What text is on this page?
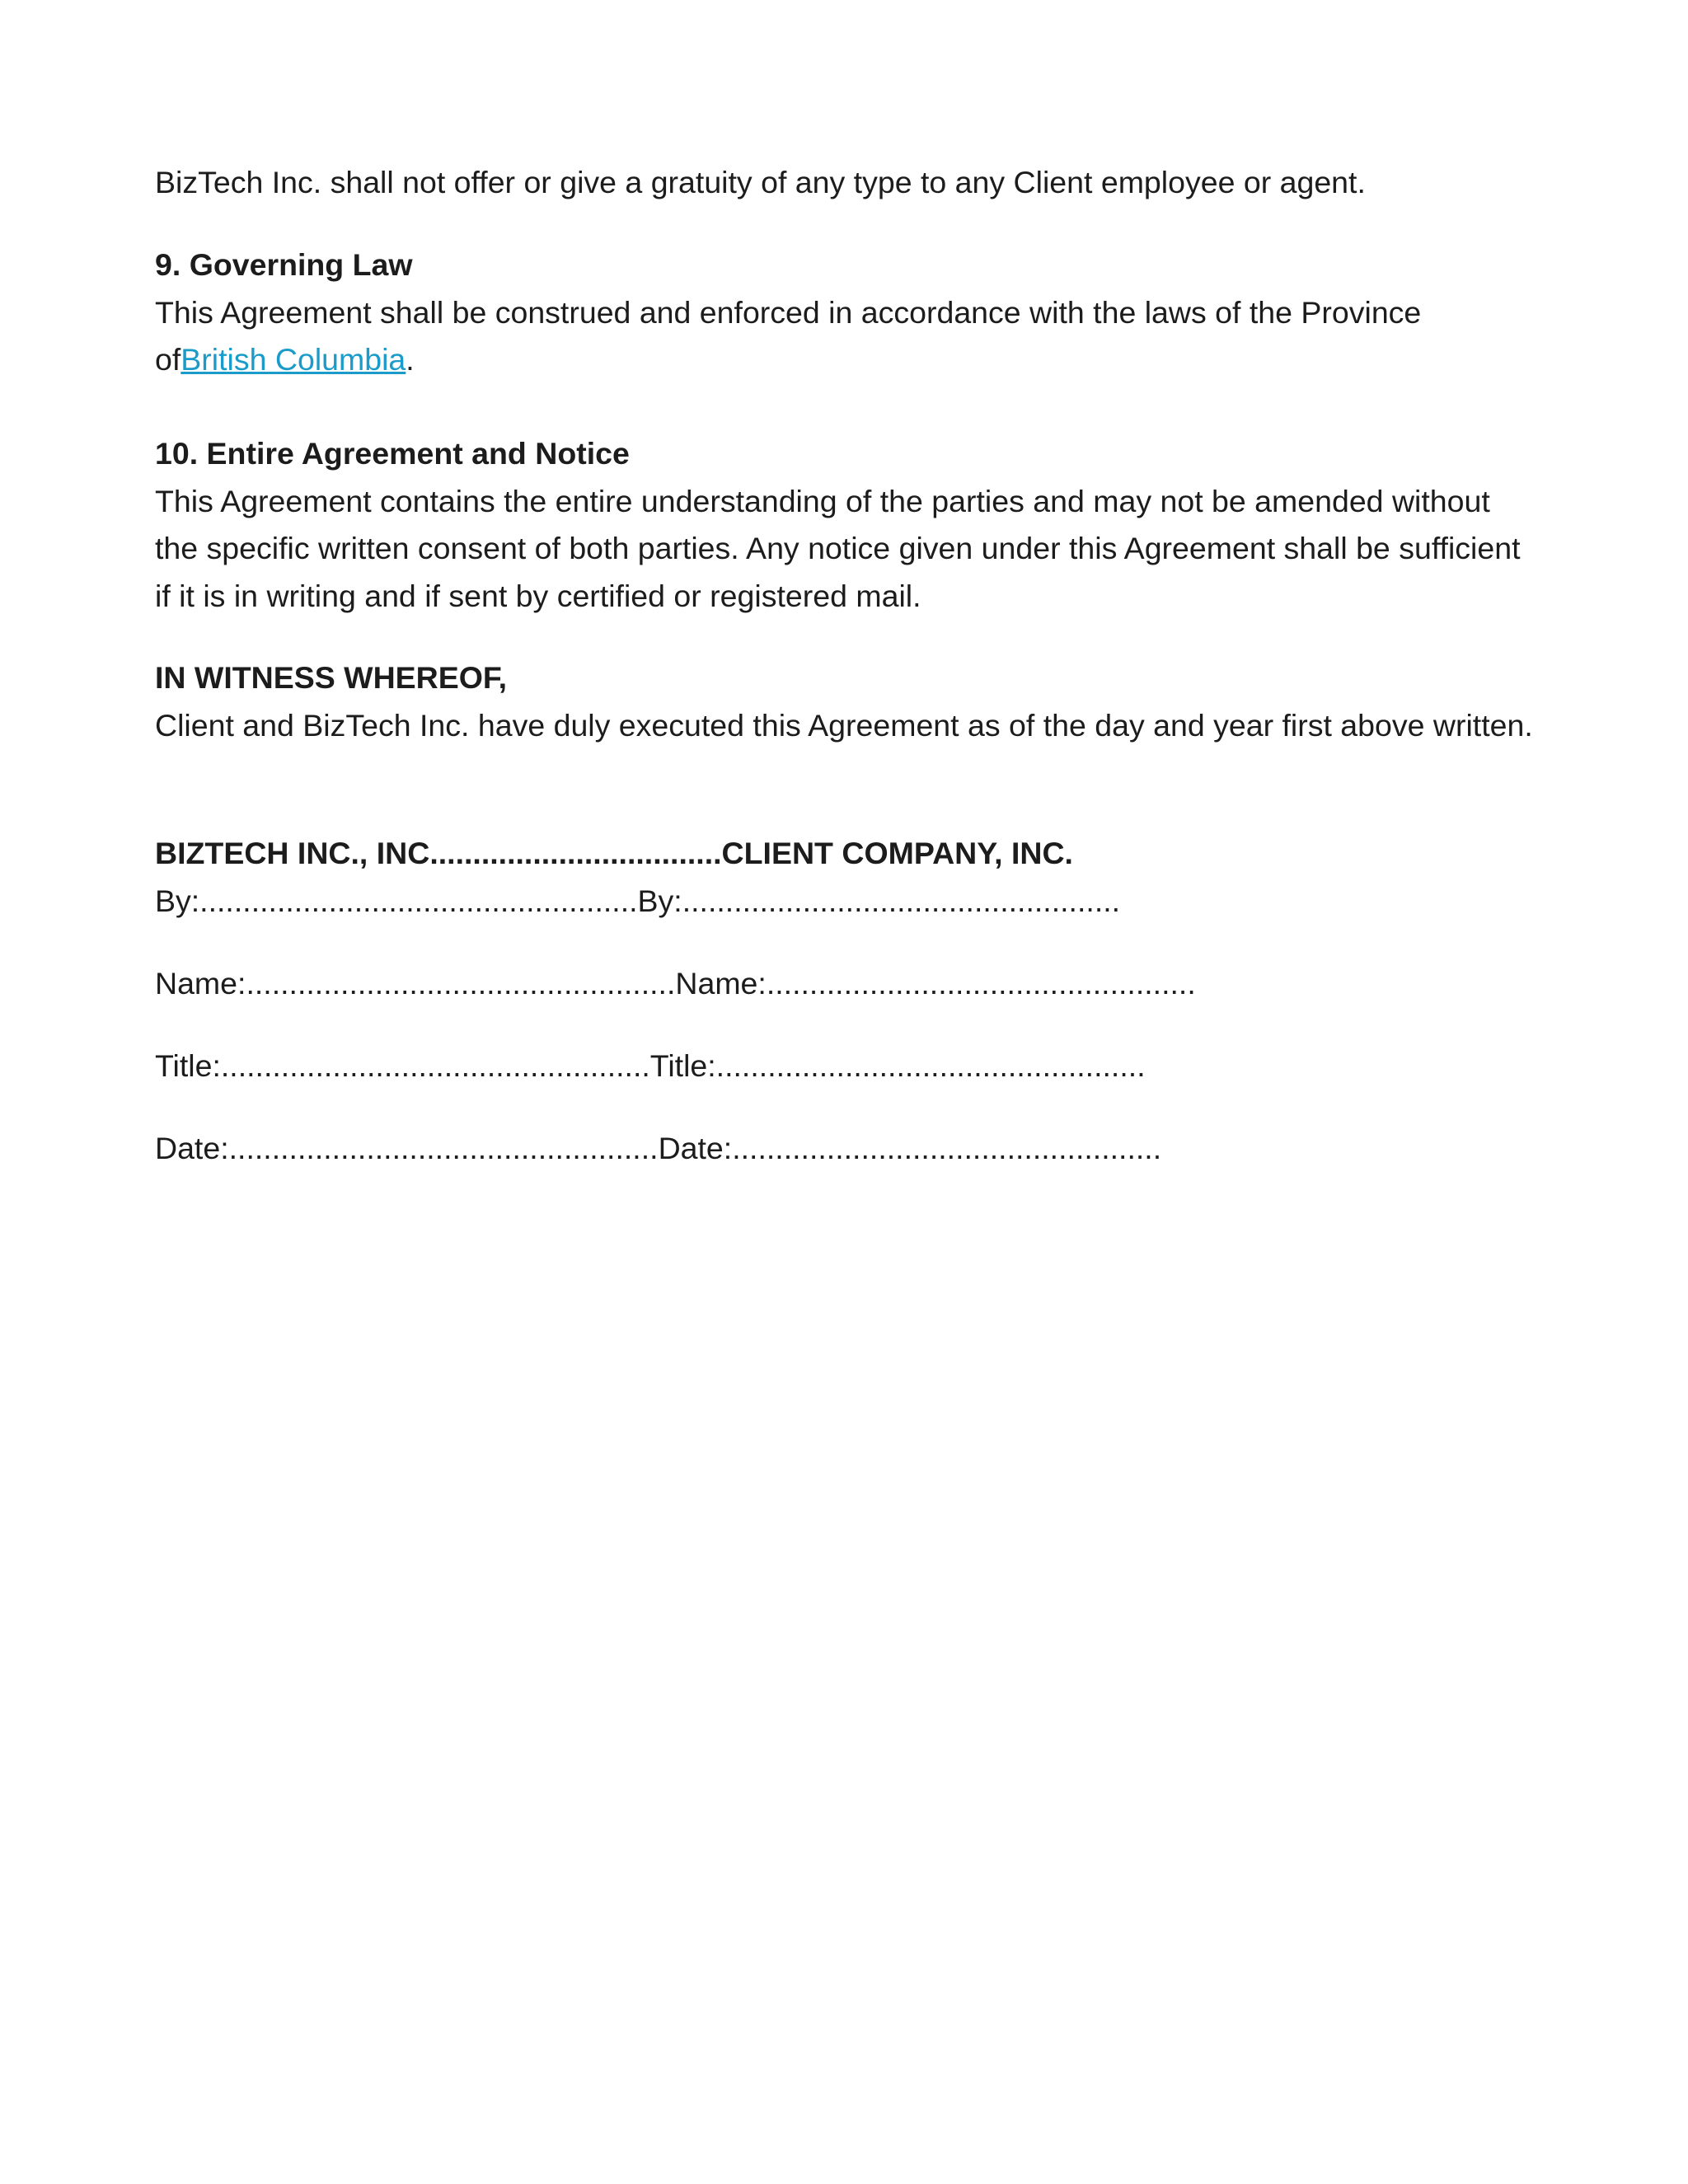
BizTech Inc. shall not offer or give a gratuity of any type to any Client employee or agent.

9. Governing Law
This Agreement shall be construed and enforced in accordance with the laws of the Province ofBritish Columbia.
10. Entire Agreement and Notice
This Agreement contains the entire understanding of the parties and may not be amended without the specific written consent of both parties. Any notice given under this Agreement shall be sufficient if it is in writing and if sent by certified or registered mail.
IN WITNESS WHEREOF,
Client and BizTech Inc. have duly executed this Agreement as of the day and year first above written.
BIZTECH INC., INC..................................CLIENT COMPANY, INC.
By:...................................................By:...................................................
Name:..................................................Name:..................................................
Title:..................................................Title:..................................................
Date:..................................................Date:..................................................
